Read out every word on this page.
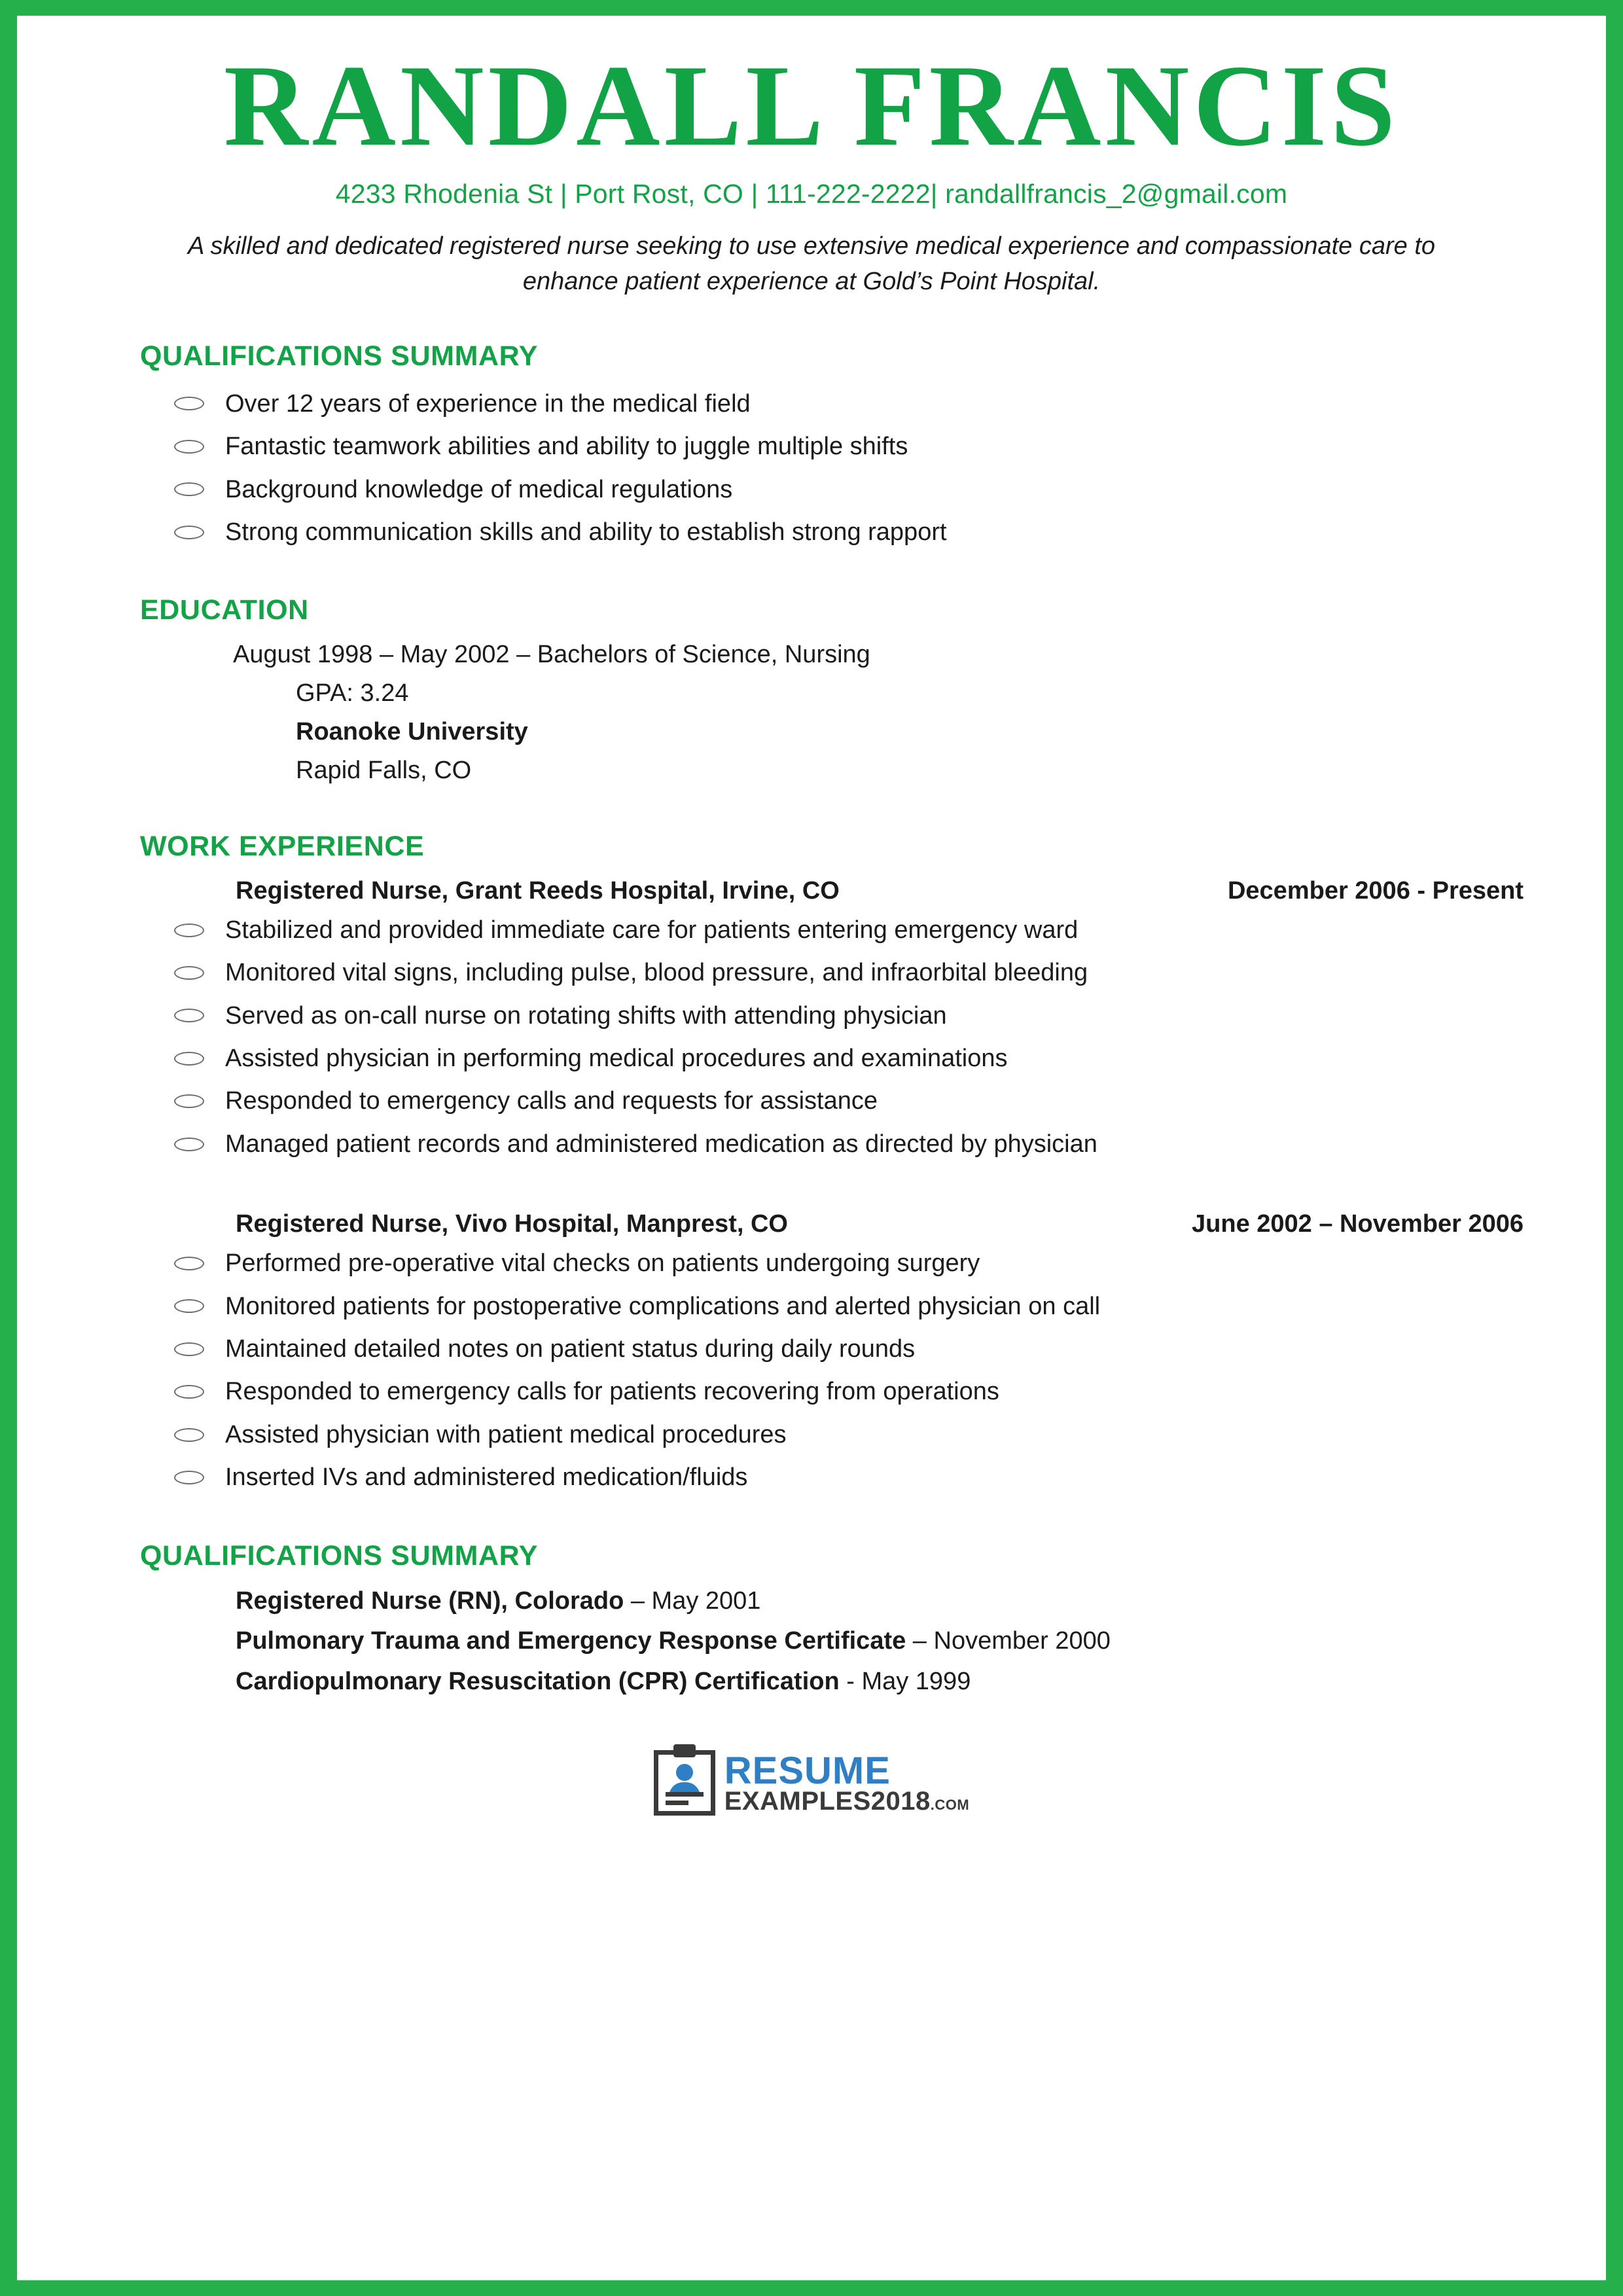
RANDALL FRANCIS
4233 Rhodenia St | Port Rost, CO | 111-222-2222| randallfrancis_2@gmail.com
A skilled and dedicated registered nurse seeking to use extensive medical experience and compassionate care to enhance patient experience at Gold’s Point Hospital.
QUALIFICATIONS SUMMARY
Over 12 years of experience in the medical field
Fantastic teamwork abilities and ability to juggle multiple shifts
Background knowledge of medical regulations
Strong communication skills and ability to establish strong rapport
EDUCATION
August 1998 – May 2002 – Bachelors of Science, Nursing
GPA: 3.24
Roanoke University
Rapid Falls, CO
WORK EXPERIENCE
Registered Nurse, Grant Reeds Hospital, Irvine, CO	December 2006 - Present
Stabilized and provided immediate care for patients entering emergency ward
Monitored vital signs, including pulse, blood pressure, and infraorbital bleeding
Served as on-call nurse on rotating shifts with attending physician
Assisted physician in performing medical procedures and examinations
Responded to emergency calls and requests for assistance
Managed patient records and administered medication as directed by physician
Registered Nurse, Vivo Hospital, Manprest, CO	June 2002 – November 2006
Performed pre-operative vital checks on patients undergoing surgery
Monitored patients for postoperative complications and alerted physician on call
Maintained detailed notes on patient status during daily rounds
Responded to emergency calls for patients recovering from operations
Assisted physician with patient medical procedures
Inserted IVs and administered medication/fluids
QUALIFICATIONS SUMMARY
Registered Nurse (RN), Colorado – May 2001
Pulmonary Trauma and Emergency Response Certificate – November 2000
Cardiopulmonary Resuscitation (CPR) Certification - May 1999
RESUME
EXAMPLES2018.COM
